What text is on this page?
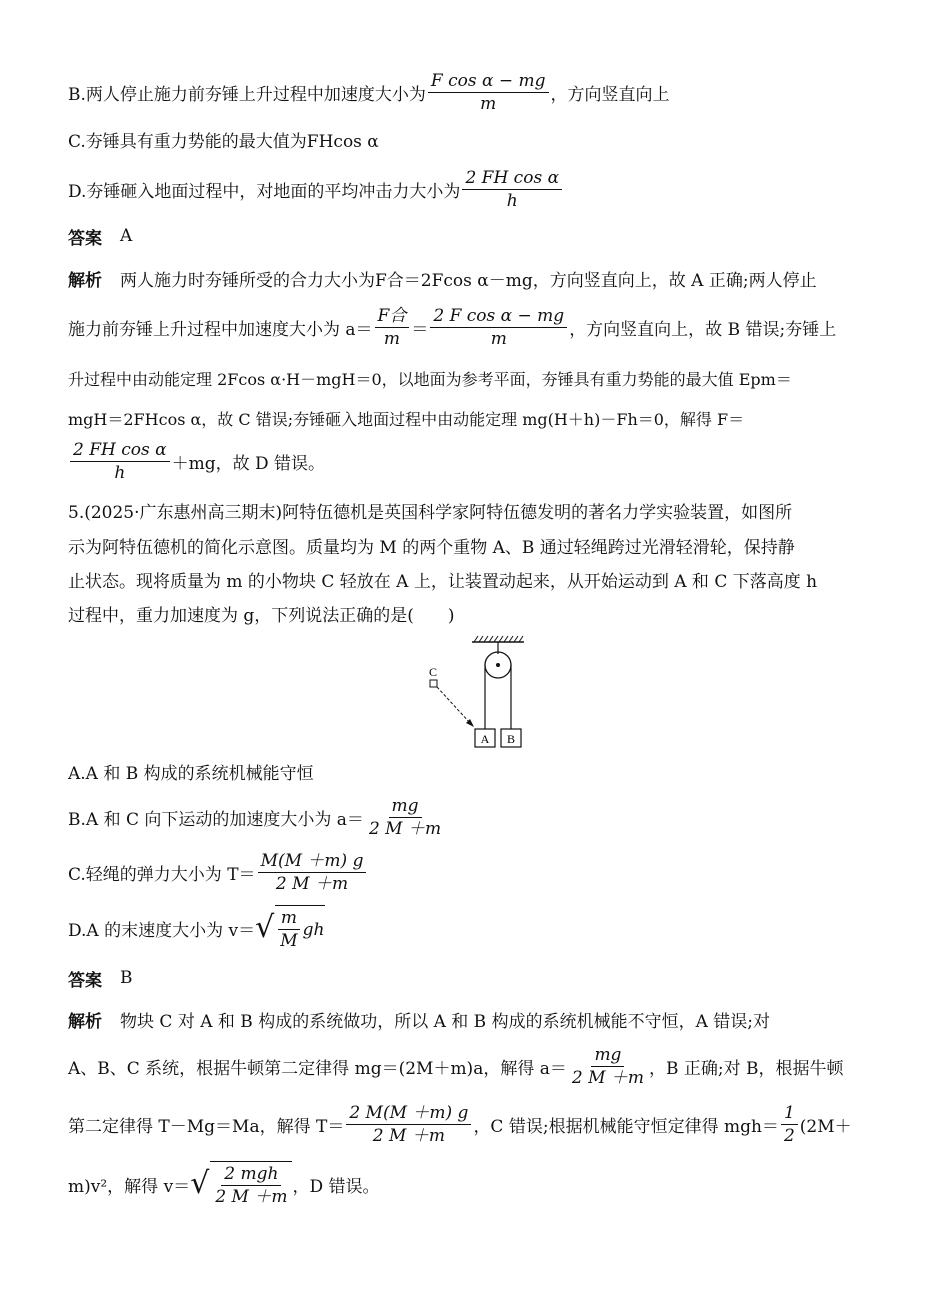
B.两人停止施力前夯锤上升过程中加速度大小为 $\frac{\text{F cos α − mg}}{m}$ ，方向竖直向上
C.夯锤具有重力势能的最大值为FHcos α
D.夯锤砸入地面过程中，对地面的平均冲击力大小为 $\frac{\text{2 FH cos α}}{h}$
答案 A
解析 两人施力时夯锤所受的合力大小为 F合＝2Fcos α－mg，方向竖直向上，故 A 正确;两人停止
施力前夯锤上升过程中加速度大小为 $a= \frac{\text{F合}}{m} = \frac{\text{2 F cos α − mg}}{m}$ ，方向竖直向上，故 B 错误;夯锤上
升过程中由动能定理 2Fcos α·H－mgH＝0，以地面为参考平面，夯锤具有重力势能的最大值 Epm＝
mgH＝2FHcos α，故 C 错误;夯锤砸入地面过程中由动能定理 mg(H＋h)－Fh＝0，解得 F＝
$\frac{\text{2 FH cos α}}{h} +mg$，故 D 错误。
5.(2025·广东惠州高三期末)阿特伍德机是英国科学家阿特伍德发明的著名力学实验装置，如图所
示为阿特伍德机的简化示意图。质量均为 M 的两个重物 A、B 通过轻绳跨过光滑轻滑轮，保持静
止状态。现将质量为 m 的小物块 C 轻放在 A 上，让装置动起来，从开始运动到 A 和 C 下落高度 h
过程中，重力加速度为 g，下列说法正确的是(　　)
A B
C
A.A 和 B 构成的系统机械能守恒
B.A 和 C 向下运动的加速度大小为 $a= \frac{mg}{2 M +m}$
C.轻绳的弹力大小为 $T= \frac{M(M +m) g}{2 M +m}$
D.A 的末速度大小为 v＝ √ $\frac{m}{M}$ gh
答案 B
解析 物块 C 对 A 和 B 构成的系统做功，所以 A 和 B 构成的系统机械能不守恒，A 错误;对
A、B、C 系统，根据牛顿第二定律得 mg＝(2M＋m)a，解得 $a= \frac{mg}{2 M +m}$ ，B 正确;对 B，根据牛顿
第二定律得 T－Mg＝Ma，解得 $T= \frac{2 M(M +m) g}{2 M +m}$ ，C 错误;根据机械能守恒定律得 $mgh= \frac{1}{2} (2M+$
m)v²，解得 v＝ √ $\frac{\text{2 mgh}}{2 M +m}$ ，D 错误。
